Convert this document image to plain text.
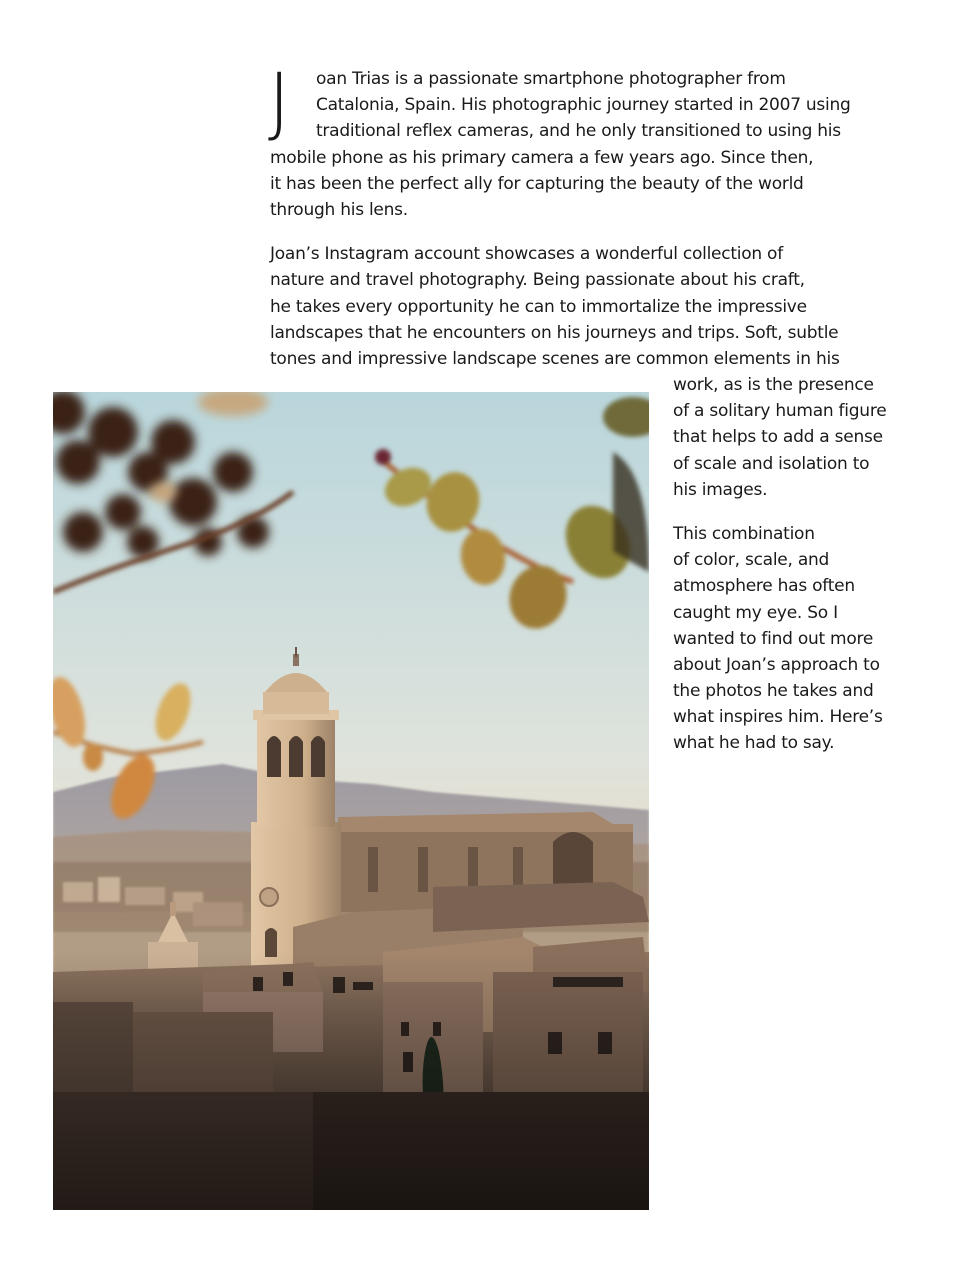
J	oan Trias is a passionate smartphone photographer from
Catalonia, Spain. His photographic journey started in 2007 using
traditional reflex cameras, and he only transitioned to using his
mobile phone as his primary camera a few years ago. Since then,
it has been the perfect ally for capturing the beauty of the world
through his lens.
Joan’s Instagram account showcases a wonderful collection of
nature and travel photography. Being passionate about his craft,
he takes every opportunity he can to immortalize the impressive
landscapes that he encounters on his journeys and trips. Soft, subtle
tones and impressive landscape scenes are common elements in his
work, as is the presence
of a solitary human figure
that helps to add a sense
of scale and isolation to
his images.
This combination
of color, scale, and
atmosphere has often
caught my eye. So I
wanted to find out more
about Joan’s approach to
the photos he takes and
what inspires him. Here’s
what he had to say.
